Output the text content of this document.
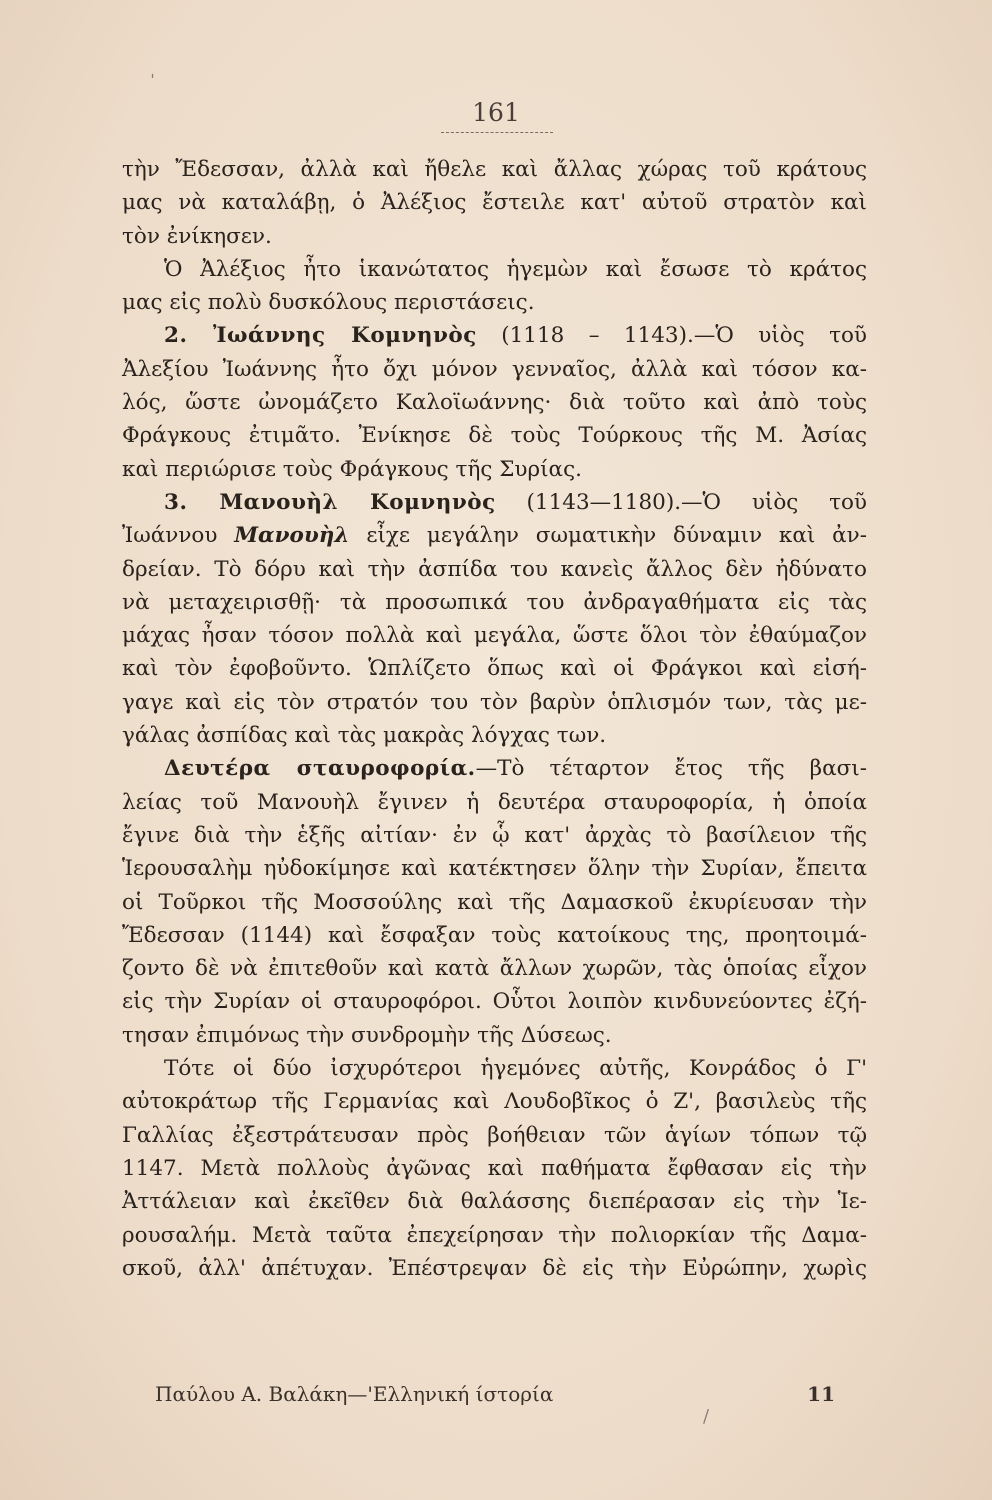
161
τὴν Ἔδεσσαν, ἀλλὰ καὶ ἤθελε καὶ ἄλλας χώρας τοῦ κράτους
μας νὰ καταλάβῃ, ὁ Ἀλέξιος ἔστειλε κατ' αὐτοῦ στρατὸν καὶ
τὸν ἐνίκησεν.
Ὁ Ἀλέξιος ἦτο ἱκανώτατος ἡγεμὼν καὶ ἔσωσε τὸ κράτος
μας εἰς πολὺ δυσκόλους περιστάσεις.
2. Ἰωάννης Κομνηνὸς (1118 – 1143).—Ὁ υἱὸς τοῦ
Ἀλεξίου Ἰωάννης ἦτο ὄχι μόνον γενναῖος, ἀλλὰ καὶ τόσον κα-
λός, ὥστε ὠνομάζετο Καλοϊωάννης· διὰ τοῦτο καὶ ἀπὸ τοὺς
Φράγκους ἐτιμᾶτο. Ἐνίκησε δὲ τοὺς Τούρκους τῆς Μ. Ἀσίας
καὶ περιώρισε τοὺς Φράγκους τῆς Συρίας.
3. Μανουὴλ Κομνηνὸς (1143—1180).—Ὁ υἱὸς τοῦ
Ἰωάννου Μανουὴλ εἶχε μεγάλην σωματικὴν δύναμιν καὶ ἀν-
δρείαν. Τὸ δόρυ καὶ τὴν ἀσπίδα του κανεὶς ἄλλος δὲν ἠδύνατο
νὰ μεταχειρισθῇ· τὰ προσωπικά του ἀνδραγαθήματα εἰς τὰς
μάχας ἦσαν τόσον πολλὰ καὶ μεγάλα, ὥστε ὅλοι τὸν ἐθαύμαζον
καὶ τὸν ἐφοβοῦντο. Ὡπλίζετο ὅπως καὶ οἱ Φράγκοι καὶ εἰσή-
γαγε καὶ εἰς τὸν στρατόν του τὸν βαρὺν ὁπλισμόν των, τὰς με-
γάλας ἀσπίδας καὶ τὰς μακρὰς λόγχας των.
Δευτέρα σταυροφορία.—Τὸ τέταρτον ἔτος τῆς βασι-
λείας τοῦ Μανουὴλ ἔγινεν ἡ δευτέρα σταυροφορία, ἡ ὁποία
ἔγινε διὰ τὴν ἑξῆς αἰτίαν· ἐν ᾧ κατ' ἀρχὰς τὸ βασίλειον τῆς
Ἱερουσαλὴμ ηὐδοκίμησε καὶ κατέκτησεν ὅλην τὴν Συρίαν, ἔπειτα
οἱ Τοῦρκοι τῆς Μοσσούλης καὶ τῆς Δαμασκοῦ ἐκυρίευσαν τὴν
Ἔδεσσαν (1144) καὶ ἔσφαξαν τοὺς κατοίκους της, προητοιμά-
ζοντο δὲ νὰ ἐπιτεθοῦν καὶ κατὰ ἄλλων χωρῶν, τὰς ὁποίας εἶχον
εἰς τὴν Συρίαν οἱ σταυροφόροι. Οὗτοι λοιπὸν κινδυνεύοντες ἐζή-
τησαν ἐπιμόνως τὴν συνδρομὴν τῆς Δύσεως.
Τότε οἱ δύο ἰσχυρότεροι ἡγεμόνες αὐτῆς, Κονράδος ὁ Γ'
αὐτοκράτωρ τῆς Γερμανίας καὶ Λουδοβῖκος ὁ Ζ', βασιλεὺς τῆς
Γαλλίας ἐξεστράτευσαν πρὸς βοήθειαν τῶν ἁγίων τόπων τῷ
1147. Μετὰ πολλοὺς ἀγῶνας καὶ παθήματα ἔφθασαν εἰς τὴν
Ἀττάλειαν καὶ ἐκεῖθεν διὰ θαλάσσης διεπέρασαν εἰς τὴν Ἱε-
ρουσαλήμ. Μετὰ ταῦτα ἐπεχείρησαν τὴν πολιορκίαν τῆς Δαμα-
σκοῦ, ἀλλ' ἀπέτυχαν. Ἐπέστρεψαν δὲ εἰς τὴν Εὐρώπην, χωρὶς
Παύλου Α. Βαλάκη—'Ελληνική ίστορία	11
ˌ
/
